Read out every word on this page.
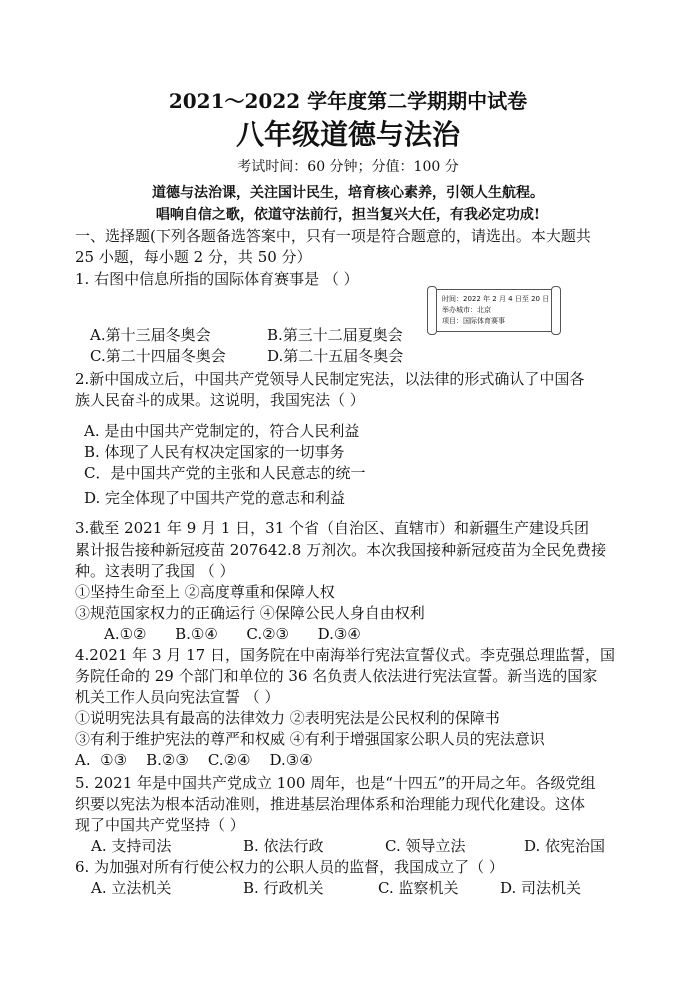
2021～2022 学年度第二学期期中试卷
八年级道德与法治
考试时间：60 分钟；分值：100 分
道德与法治课，关注国计民生，培育核心素养，引领人生航程。
唱响自信之歌，依道守法前行，担当复兴大任，有我必定功成!
一、选择题(下列各题备选答案中，只有一项是符合题意的，请选出。本大题共
25 小题，每小题 2 分，共 50 分）
1. 右图中信息所指的国际体育赛事是 （ ）
时间：2022 年 2 月 4 日至 20 日
举办城市：北京
项目：国际体育赛事
A.第十三届冬奥会	B.第三十二届夏奥会
C.第二十四届冬奥会	D.第二十五届冬奥会
2.新中国成立后，中国共产党领导人民制定宪法，以法律的形式确认了中国各
族人民奋斗的成果。这说明，我国宪法（ ）
A. 是由中国共产党制定的，符合人民利益
B. 体现了人民有权决定国家的一切事务
C．是中国共产党的主张和人民意志的统一
D. 完全体现了中国共产党的意志和利益
3.截至 2021 年 9 月 1 日，31 个省（自治区、直辖市）和新疆生产建设兵团
累计报告接种新冠疫苗 207642.8 万剂次。本次我国接种新冠疫苗为全民免费接
种。这表明了我国 （ ）
①坚持生命至上 ②高度尊重和保障人权
③规范国家权力的正确运行 ④保障公民人身自由权利
A.①②      B.①④      C.②③      D.③④
4.2021 年 3 月 17 日，国务院在中南海举行宪法宣誓仪式。李克强总理监誓，国
务院任命的 29 个部门和单位的 36 名负责人依法进行宪法宣誓。新当选的国家
机关工作人员向宪法宣誓 （ ）
①说明宪法具有最高的法律效力 ②表明宪法是公民权利的保障书
③有利于维护宪法的尊严和权威 ④有利于增强国家公职人员的宪法意识
A.  ①③    B.②③    C.②④    D.③④
5. 2021 年是中国共产党成立 100 周年，也是“十四五”的开局之年。各级党组
织要以宪法为根本活动准则，推进基层治理体系和治理能力现代化建设。这体
现了中国共产党坚持（ ）
A. 支持司法	B. 依法行政	C. 领导立法	D. 依宪治国
6. 为加强对所有行使公权力的公职人员的监督，我国成立了（ ）
A. 立法机关	B. 行政机关	C. 监察机关	D. 司法机关
